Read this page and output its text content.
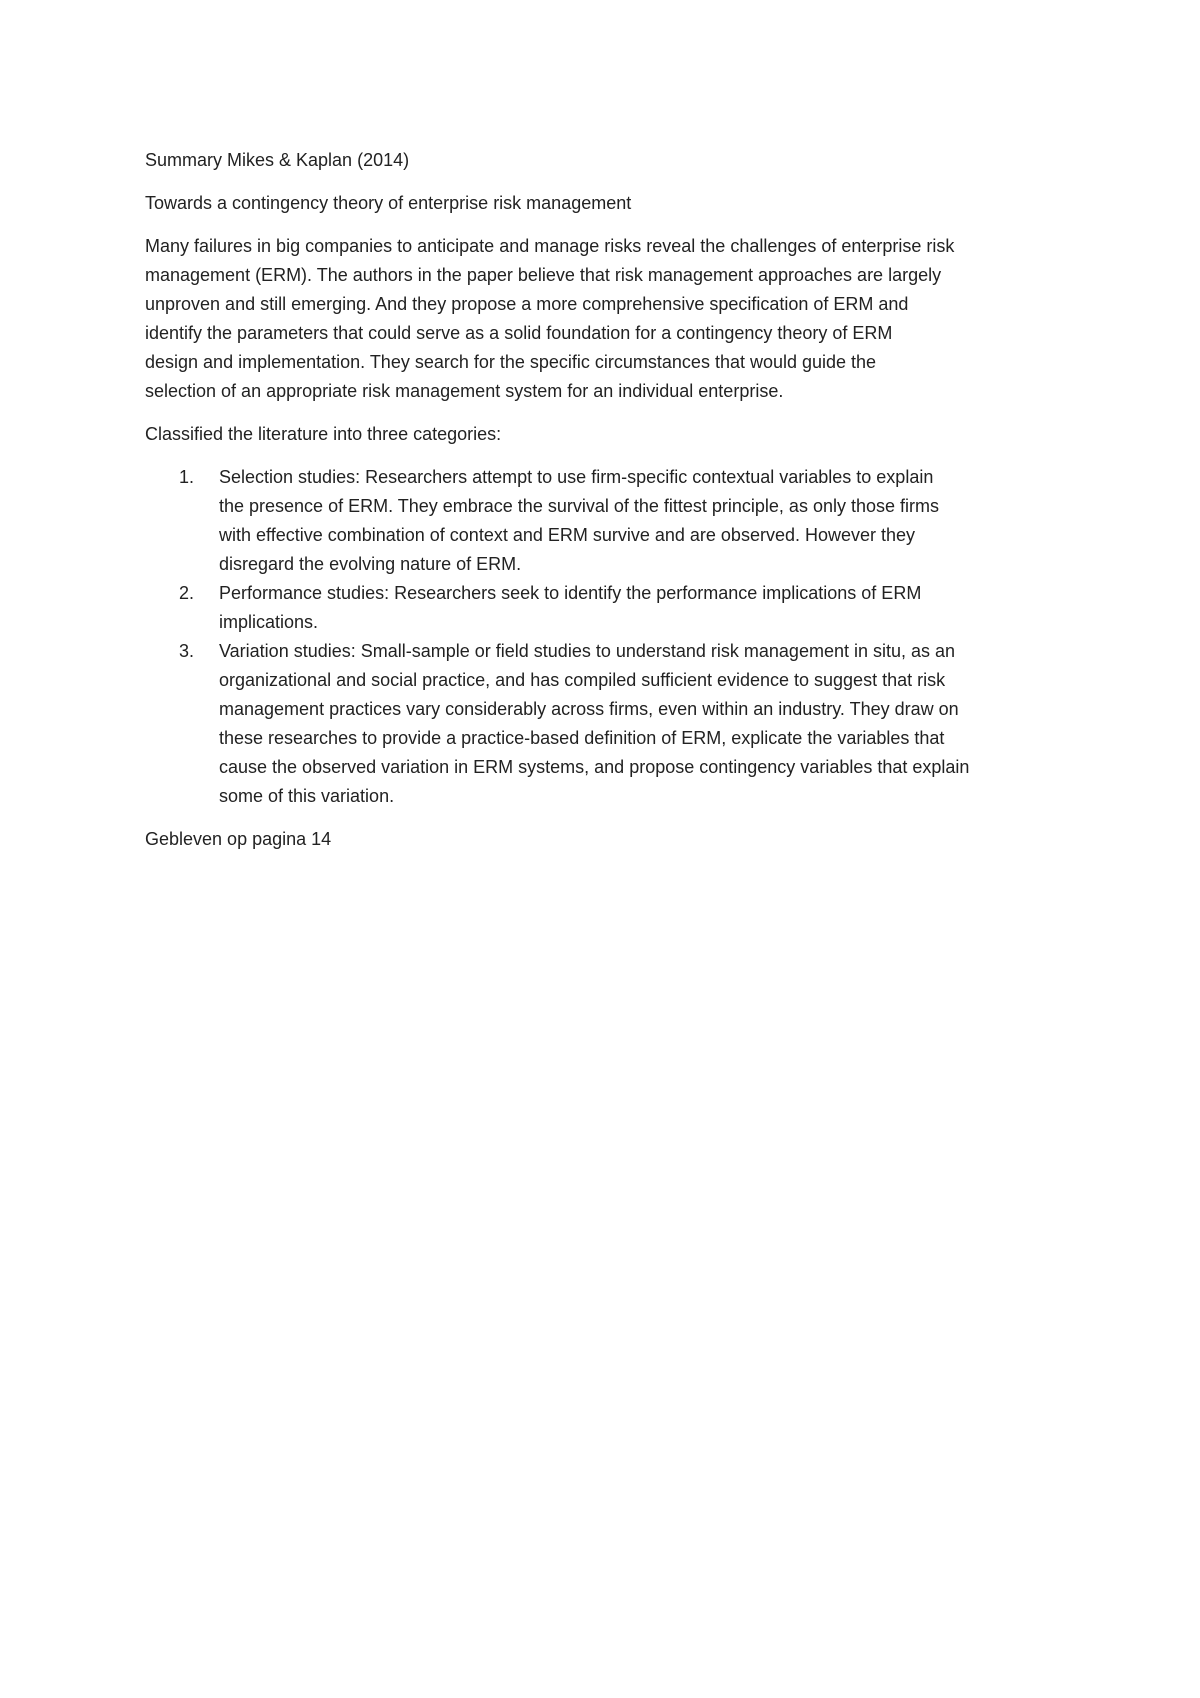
Summary Mikes & Kaplan (2014)
Towards a contingency theory of enterprise risk management
Many failures in big companies to anticipate and manage risks reveal the challenges of enterprise risk
management (ERM). The authors in the paper believe that risk management approaches are largely
unproven and still emerging. And they propose a more comprehensive specification of ERM and
identify the parameters that could serve as a solid foundation for a contingency theory of ERM
design and implementation. They search for the specific circumstances that would guide the
selection of an appropriate risk management system for an individual enterprise.
Classified the literature into three categories:
1. Selection studies: Researchers attempt to use firm-specific contextual variables to explain
the presence of ERM. They embrace the survival of the fittest principle, as only those firms
with effective combination of context and ERM survive and are observed. However they
disregard the evolving nature of ERM.
2. Performance studies: Researchers seek to identify the performance implications of ERM
implications.
3. Variation studies: Small-sample or field studies to understand risk management in situ, as an
organizational and social practice, and has compiled sufficient evidence to suggest that risk
management practices vary considerably across firms, even within an industry. They draw on
these researches to provide a practice-based definition of ERM, explicate the variables that
cause the observed variation in ERM systems, and propose contingency variables that explain
some of this variation.
Gebleven op pagina 14
